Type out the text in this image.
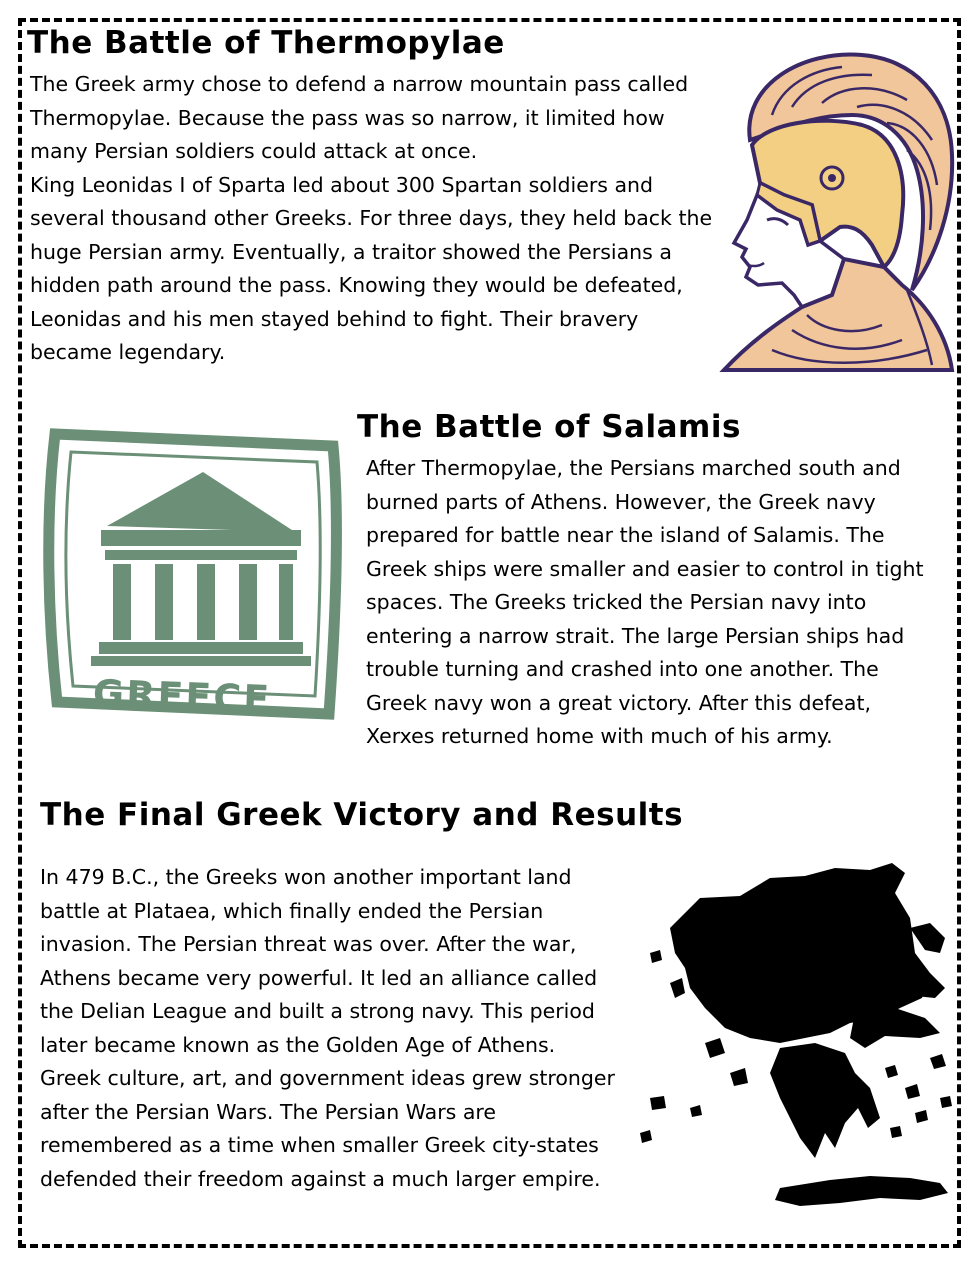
The Battle of Thermopylae

The Greek army chose to defend a narrow mountain pass called Thermopylae. Because the pass was so narrow, it limited how many Persian soldiers could attack at once.

King Leonidas I of Sparta led about 300 Spartan soldiers and several thousand other Greeks. For three days, they held back the huge Persian army. Eventually, a traitor showed the Persians a hidden path around the pass. Knowing they would be defeated, Leonidas and his men stayed behind to fight. Their bravery became legendary.

GREECE
The Battle of Salamis

After Thermopylae, the Persians marched south and burned parts of Athens. However, the Greek navy prepared for battle near the island of Salamis. The Greek ships were smaller and easier to control in tight spaces. The Greeks tricked the Persian navy into entering a narrow strait. The large Persian ships had trouble turning and crashed into one another. The Greek navy won a great victory. After this defeat, Xerxes returned home with much of his army.

The Final Greek Victory and Results

In 479 B.C., the Greeks won another important land battle at Plataea, which finally ended the Persian invasion. The Persian threat was over. After the war, Athens became very powerful. It led an alliance called the Delian League and built a strong navy. This period later became known as the Golden Age of Athens. Greek culture, art, and government ideas grew stronger after the Persian Wars. The Persian Wars are remembered as a time when smaller Greek city-states defended their freedom against a much larger empire.
